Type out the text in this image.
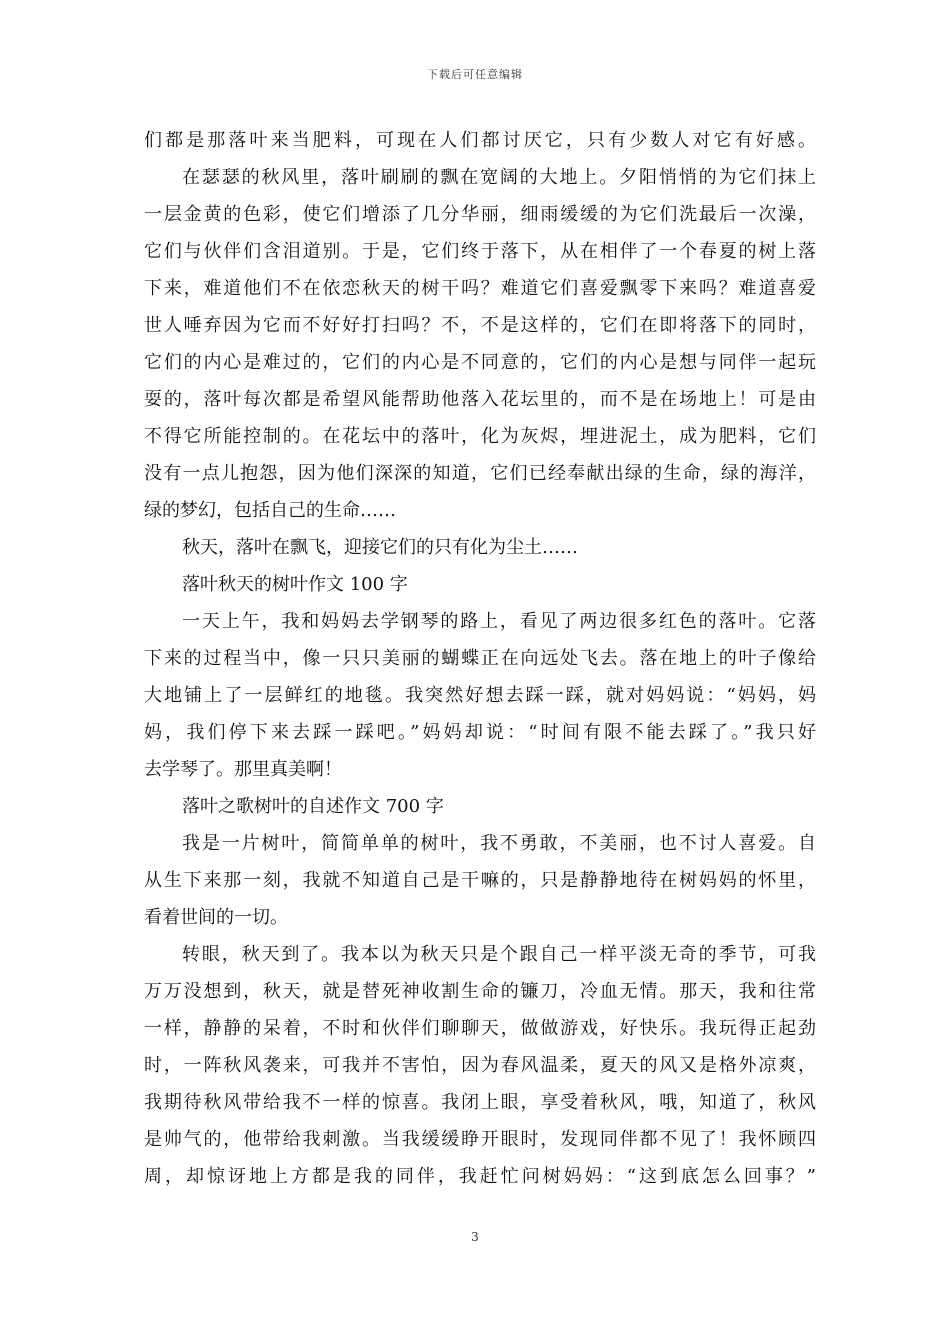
下载后可任意编辑
们都是那落叶来当肥料，可现在人们都讨厌它，只有少数人对它有好感。
在瑟瑟的秋风里，落叶刷刷的飘在宽阔的大地上。夕阳悄悄的为它们抹上
一层金黄的色彩，使它们增添了几分华丽，细雨缓缓的为它们洗最后一次澡，
它们与伙伴们含泪道别。于是，它们终于落下，从在相伴了一个春夏的树上落
下来，难道他们不在依恋秋天的树干吗？难道它们喜爱飘零下来吗？难道喜爱
世人唾弃因为它而不好好打扫吗？不，不是这样的，它们在即将落下的同时，
它们的内心是难过的，它们的内心是不同意的，它们的内心是想与同伴一起玩
耍的，落叶每次都是希望风能帮助他落入花坛里的，而不是在场地上！可是由
不得它所能控制的。在花坛中的落叶，化为灰烬，埋进泥土，成为肥料，它们
没有一点儿抱怨，因为他们深深的知道，它们已经奉献出绿的生命，绿的海洋，
绿的梦幻，包括自己的生命……
秋天，落叶在飘飞，迎接它们的只有化为尘土……
落叶秋天的树叶作文 100 字
一天上午，我和妈妈去学钢琴的路上，看见了两边很多红色的落叶。它落
下来的过程当中，像一只只美丽的蝴蝶正在向远处飞去。落在地上的叶子像给
大地铺上了一层鲜红的地毯。我突然好想去踩一踩，就对妈妈说：“妈妈，妈
妈，我们停下来去踩一踩吧。”妈妈却说：“时间有限不能去踩了。”我只好
去学琴了。那里真美啊！
落叶之歌树叶的自述作文 700 字
我是一片树叶，简简单单的树叶，我不勇敢，不美丽，也不讨人喜爱。自
从生下来那一刻，我就不知道自己是干嘛的，只是静静地待在树妈妈的怀里，
看着世间的一切。
转眼，秋天到了。我本以为秋天只是个跟自己一样平淡无奇的季节，可我
万万没想到，秋天，就是替死神收割生命的镰刀，冷血无情。那天，我和往常
一样，静静的呆着，不时和伙伴们聊聊天，做做游戏，好快乐。我玩得正起劲
时，一阵秋风袭来，可我并不害怕，因为春风温柔，夏天的风又是格外凉爽，
我期待秋风带给我不一样的惊喜。我闭上眼，享受着秋风，哦，知道了，秋风
是帅气的，他带给我刺激。当我缓缓睁开眼时，发现同伴都不见了！我怀顾四
周，却惊讶地上方都是我的同伴，我赶忙问树妈妈：“这到底怎么回事？”
3
